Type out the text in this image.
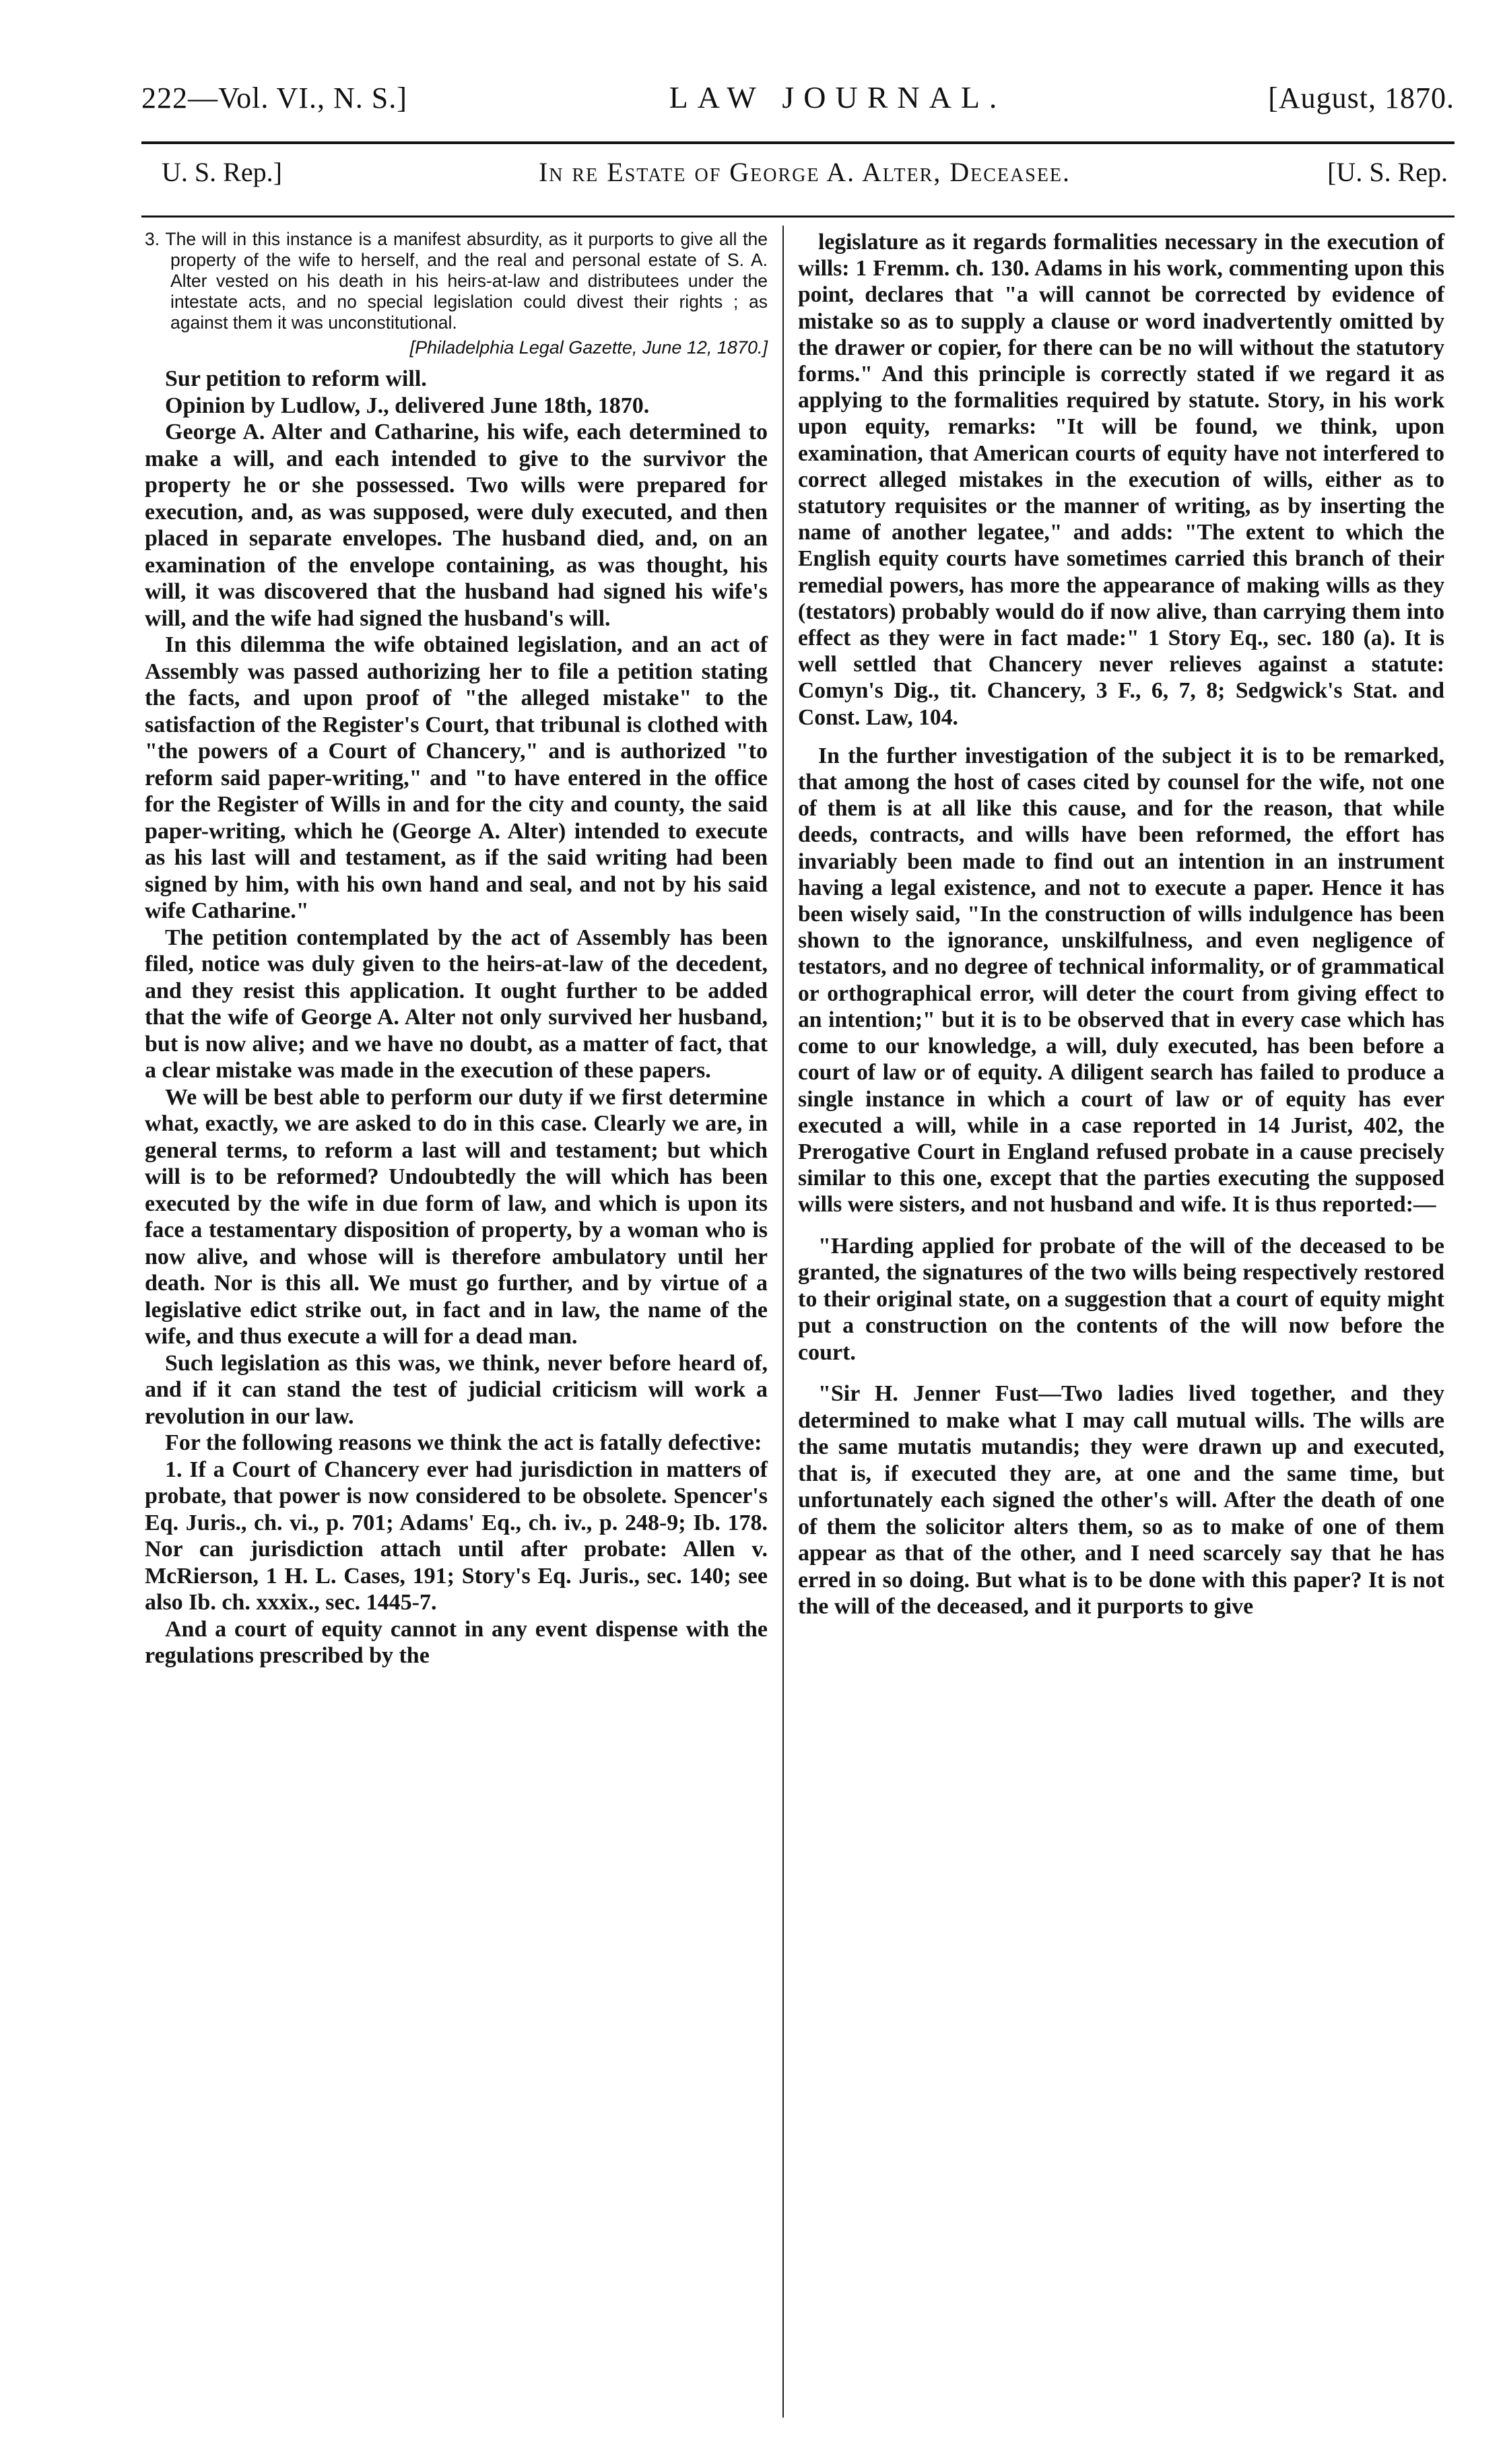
222—Vol. VI., N. S.]	LAW JOURNAL.	[August, 1870.
U. S. Rep.]	In re Estate of George A. Alter, Deceasee.	[U. S. Rep.

3. The will in this instance is a manifest absurdity, as it purports to give all the property of the wife to herself, and the real and personal estate of S. A. Alter vested on his death in his heirs-at-law and distributees under the intestate acts, and no special legislation could divest their rights ; as against them it was unconstitutional.

[Philadelphia Legal Gazette, June 12, 1870.]

Sur petition to reform will.

Opinion by Ludlow, J., delivered June 18th, 1870.

George A. Alter and Catharine, his wife, each determined to make a will, and each intended to give to the survivor the property he or she possessed. Two wills were prepared for execution, and, as was supposed, were duly executed, and then placed in separate envelopes. The husband died, and, on an examination of the envelope containing, as was thought, his will, it was discovered that the husband had signed his wife's will, and the wife had signed the husband's will.

In this dilemma the wife obtained legislation, and an act of Assembly was passed authorizing her to file a petition stating the facts, and upon proof of "the alleged mistake" to the satisfaction of the Register's Court, that tribunal is clothed with "the powers of a Court of Chancery," and is authorized "to reform said paper-writing," and "to have entered in the office for the Register of Wills in and for the city and county, the said paper-writing, which he (George A. Alter) intended to execute as his last will and testament, as if the said writing had been signed by him, with his own hand and seal, and not by his said wife Catharine."

The petition contemplated by the act of Assembly has been filed, notice was duly given to the heirs-at-law of the decedent, and they resist this application. It ought further to be added that the wife of George A. Alter not only survived her husband, but is now alive; and we have no doubt, as a matter of fact, that a clear mistake was made in the execution of these papers.

We will be best able to perform our duty if we first determine what, exactly, we are asked to do in this case. Clearly we are, in general terms, to reform a last will and testament; but which will is to be reformed? Undoubtedly the will which has been executed by the wife in due form of law, and which is upon its face a testamentary disposition of property, by a woman who is now alive, and whose will is therefore ambulatory until her death. Nor is this all. We must go further, and by virtue of a legislative edict strike out, in fact and in law, the name of the wife, and thus execute a will for a dead man.

Such legislation as this was, we think, never before heard of, and if it can stand the test of judicial criticism will work a revolution in our law.

For the following reasons we think the act is fatally defective:

1. If a Court of Chancery ever had jurisdiction in matters of probate, that power is now considered to be obsolete. Spencer's Eq. Juris., ch. vi., p. 701; Adams' Eq., ch. iv., p. 248-9; Ib. 178. Nor can jurisdiction attach until after probate: Allen v. McRierson, 1 H. L. Cases, 191; Story's Eq. Juris., sec. 140; see also Ib. ch. xxxix., sec. 1445-7.

And a court of equity cannot in any event dispense with the regulations prescribed by the

legislature as it regards formalities necessary in the execution of wills: 1 Fremm. ch. 130. Adams in his work, commenting upon this point, declares that "a will cannot be corrected by evidence of mistake so as to supply a clause or word inadvertently omitted by the drawer or copier, for there can be no will without the statutory forms." And this principle is correctly stated if we regard it as applying to the formalities required by statute. Story, in his work upon equity, remarks: "It will be found, we think, upon examination, that American courts of equity have not interfered to correct alleged mistakes in the execution of wills, either as to statutory requisites or the manner of writing, as by inserting the name of another legatee," and adds: "The extent to which the English equity courts have sometimes carried this branch of their remedial powers, has more the appearance of making wills as they (testators) probably would do if now alive, than carrying them into effect as they were in fact made:" 1 Story Eq., sec. 180 (a). It is well settled that Chancery never relieves against a statute: Comyn's Dig., tit. Chancery, 3 F., 6, 7, 8; Sedgwick's Stat. and Const. Law, 104.

In the further investigation of the subject it is to be remarked, that among the host of cases cited by counsel for the wife, not one of them is at all like this cause, and for the reason, that while deeds, contracts, and wills have been reformed, the effort has invariably been made to find out an intention in an instrument having a legal existence, and not to execute a paper. Hence it has been wisely said, "In the construction of wills indulgence has been shown to the ignorance, unskilfulness, and even negligence of testators, and no degree of technical informality, or of grammatical or orthographical error, will deter the court from giving effect to an intention;" but it is to be observed that in every case which has come to our knowledge, a will, duly executed, has been before a court of law or of equity. A diligent search has failed to produce a single instance in which a court of law or of equity has ever executed a will, while in a case reported in 14 Jurist, 402, the Prerogative Court in England refused probate in a cause precisely similar to this one, except that the parties executing the supposed wills were sisters, and not husband and wife. It is thus reported:—

"Harding applied for probate of the will of the deceased to be granted, the signatures of the two wills being respectively restored to their original state, on a suggestion that a court of equity might put a construction on the contents of the will now before the court.

"Sir H. Jenner Fust—Two ladies lived together, and they determined to make what I may call mutual wills. The wills are the same mutatis mutandis; they were drawn up and executed, that is, if executed they are, at one and the same time, but unfortunately each signed the other's will. After the death of one of them the solicitor alters them, so as to make of one of them appear as that of the other, and I need scarcely say that he has erred in so doing. But what is to be done with this paper? It is not the will of the deceased, and it purports to give
